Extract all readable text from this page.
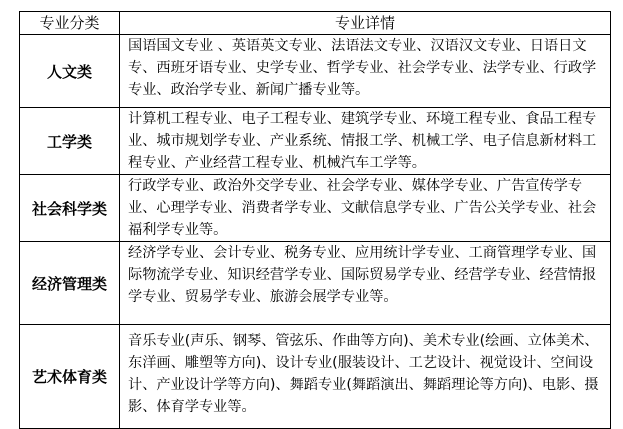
专业分类	专业详情
人文类	国语国文专业 、英语英文专业、法语法文专业、汉语汉文专业、日语日文专、西班牙语专业、史学专业、哲学专业、社会学专业、法学专业、行政学专业、政治学专业、新闻广播专业等。
工学类	计算机工程专业、电子工程专业、建筑学专业、环境工程专业、食品工程专业、城市规划学专业、产业系统、情报工学、机械工学、电子信息新材料工程专业、产业经营工程专业、机械汽车工学等。
社会科学类	行政学专业、政治外交学专业、社会学专业、媒体学专业、广告宣传学专业、心理学专业、消费者学专业、文献信息学专业、广告公关学专业、社会福利学专业等。
经济管理类	经济学专业、会计专业、税务专业、应用统计学专业、工商管理学专业、国际物流学专业、知识经营学专业、国际贸易学专业、经营学专业、经营情报学专业、贸易学专业、旅游会展学专业等。
艺术体育类	音乐专业(声乐、钢琴、管弦乐、作曲等方向)、美术专业(绘画、立体美术、东洋画、雕塑等方向)、设计专业(服装设计、工艺设计、视觉设计、空间设计、产业设计学等方向)、舞蹈专业(舞蹈演出、舞蹈理论等方向)、电影、摄影、体育学专业等。
